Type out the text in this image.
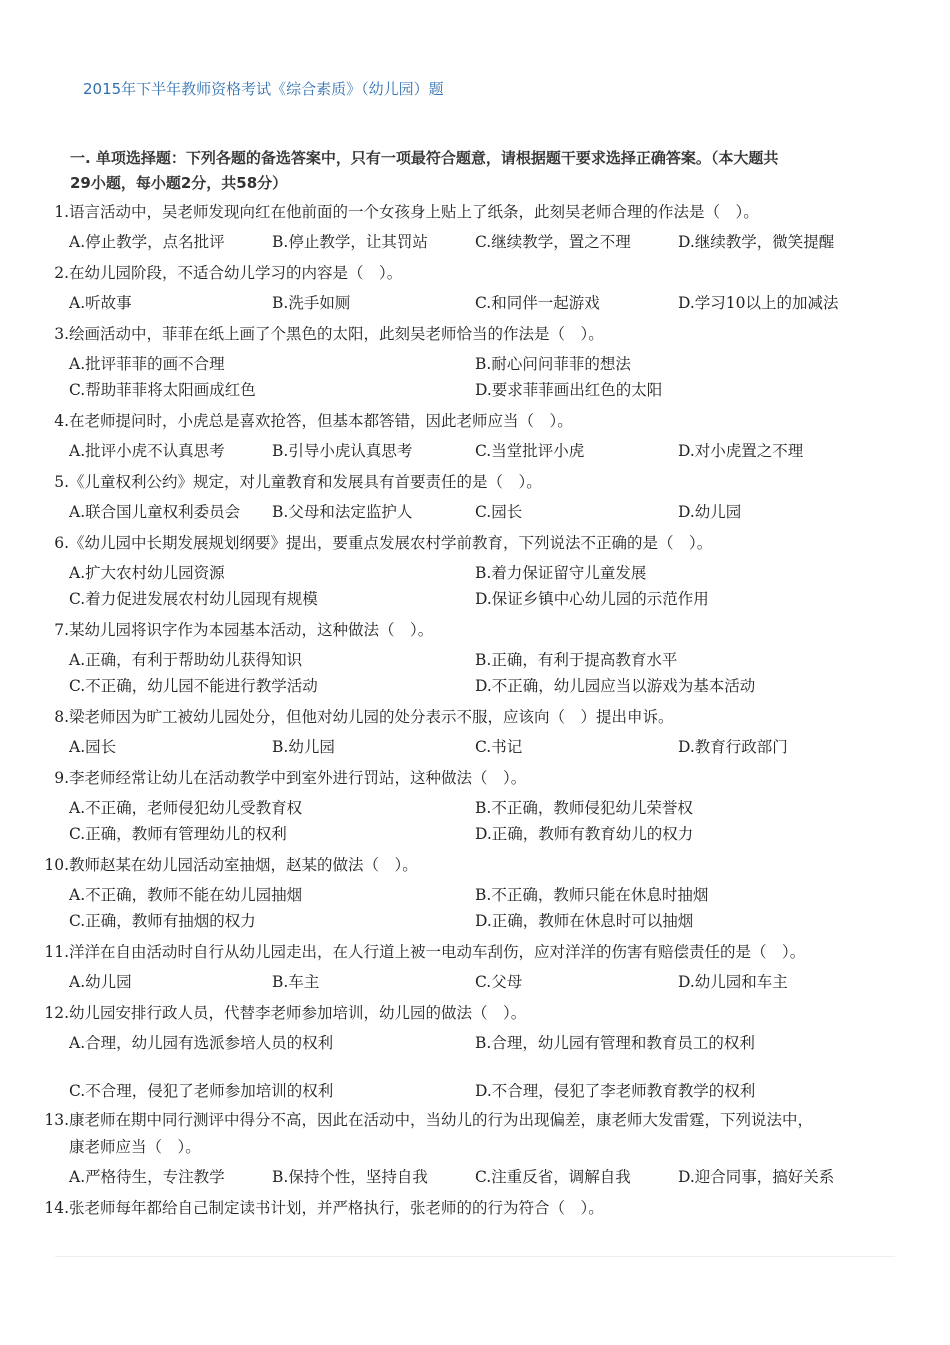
2015年下半年教师资格考试《综合素质》（幼儿园）题
一. 单项选择题：下列各题的备选答案中，只有一项最符合题意，请根据题干要求选择正确答案。（本大题共
29小题，每小题2分，共58分）
1. 语言活动中，吴老师发现向红在他前面的一个女孩身上贴上了纸条，此刻吴老师合理的作法是（　）。
A.停止教学，点名批评	B.停止教学，让其罚站	C.继续教学，置之不理	D.继续教学，微笑提醒
2. 在幼儿园阶段，不适合幼儿学习的内容是（　）。
A.听故事	B.洗手如厕	C.和同伴一起游戏	D.学习10以上的加减法
3. 绘画活动中，菲菲在纸上画了个黑色的太阳，此刻吴老师恰当的作法是（　）。
A.批评菲菲的画不合理	B.耐心问问菲菲的想法
C.帮助菲菲将太阳画成红色	D.要求菲菲画出红色的太阳
4. 在老师提问时，小虎总是喜欢抢答，但基本都答错，因此老师应当（　）。
A.批评小虎不认真思考	B.引导小虎认真思考	C.当堂批评小虎	D.对小虎置之不理
5. 《儿童权利公约》规定，对儿童教育和发展具有首要责任的是（　）。
A.联合国儿童权利委员会 B.父母和法定监护人	C.园长	D.幼儿园
6. 《幼儿园中长期发展规划纲要》提出，要重点发展农村学前教育，下列说法不正确的是（　）。
A.扩大农村幼儿园资源	B.着力保证留守儿童发展
C.着力促进发展农村幼儿园现有规模	D.保证乡镇中心幼儿园的示范作用
7. 某幼儿园将识字作为本园基本活动，这种做法（　）。
A.正确，有利于帮助幼儿获得知识	B.正确，有利于提高教育水平
C.不正确，幼儿园不能进行教学活动	D.不正确，幼儿园应当以游戏为基本活动
8. 梁老师因为旷工被幼儿园处分，但他对幼儿园的处分表示不服，应该向（　）提出申诉。
A.园长	B.幼儿园	C.书记	D.教育行政部门
9. 李老师经常让幼儿在活动教学中到室外进行罚站，这种做法（　）。
A.不正确，老师侵犯幼儿受教育权	B.不正确，教师侵犯幼儿荣誉权
C.正确，教师有管理幼儿的权利	D.正确，教师有教育幼儿的权力
10. 教师赵某在幼儿园活动室抽烟，赵某的做法（　）。
A.不正确，教师不能在幼儿园抽烟	B.不正确，教师只能在休息时抽烟
C.正确，教师有抽烟的权力	D.正确，教师在休息时可以抽烟
11. 洋洋在自由活动时自行从幼儿园走出，在人行道上被一电动车刮伤，应对洋洋的伤害有赔偿责任的是（　）。
A.幼儿园	B.车主	C.父母	D.幼儿园和车主
12. 幼儿园安排行政人员，代替李老师参加培训，幼儿园的做法（　）。
A.合理，幼儿园有选派参培人员的权利	B.合理，幼儿园有管理和教育员工的权利
C.不合理，侵犯了老师参加培训的权利	D.不合理，侵犯了李老师教育教学的权利
13. 康老师在期中同行测评中得分不高，因此在活动中，当幼儿的行为出现偏差，康老师大发雷霆，下列说法中，
康老师应当（　）。
A.严格待生，专注教学	B.保持个性，坚持自我	C.注重反省，调解自我	D.迎合同事，搞好关系
14. 张老师每年都给自己制定读书计划，并严格执行，张老师的的行为符合（　）。
